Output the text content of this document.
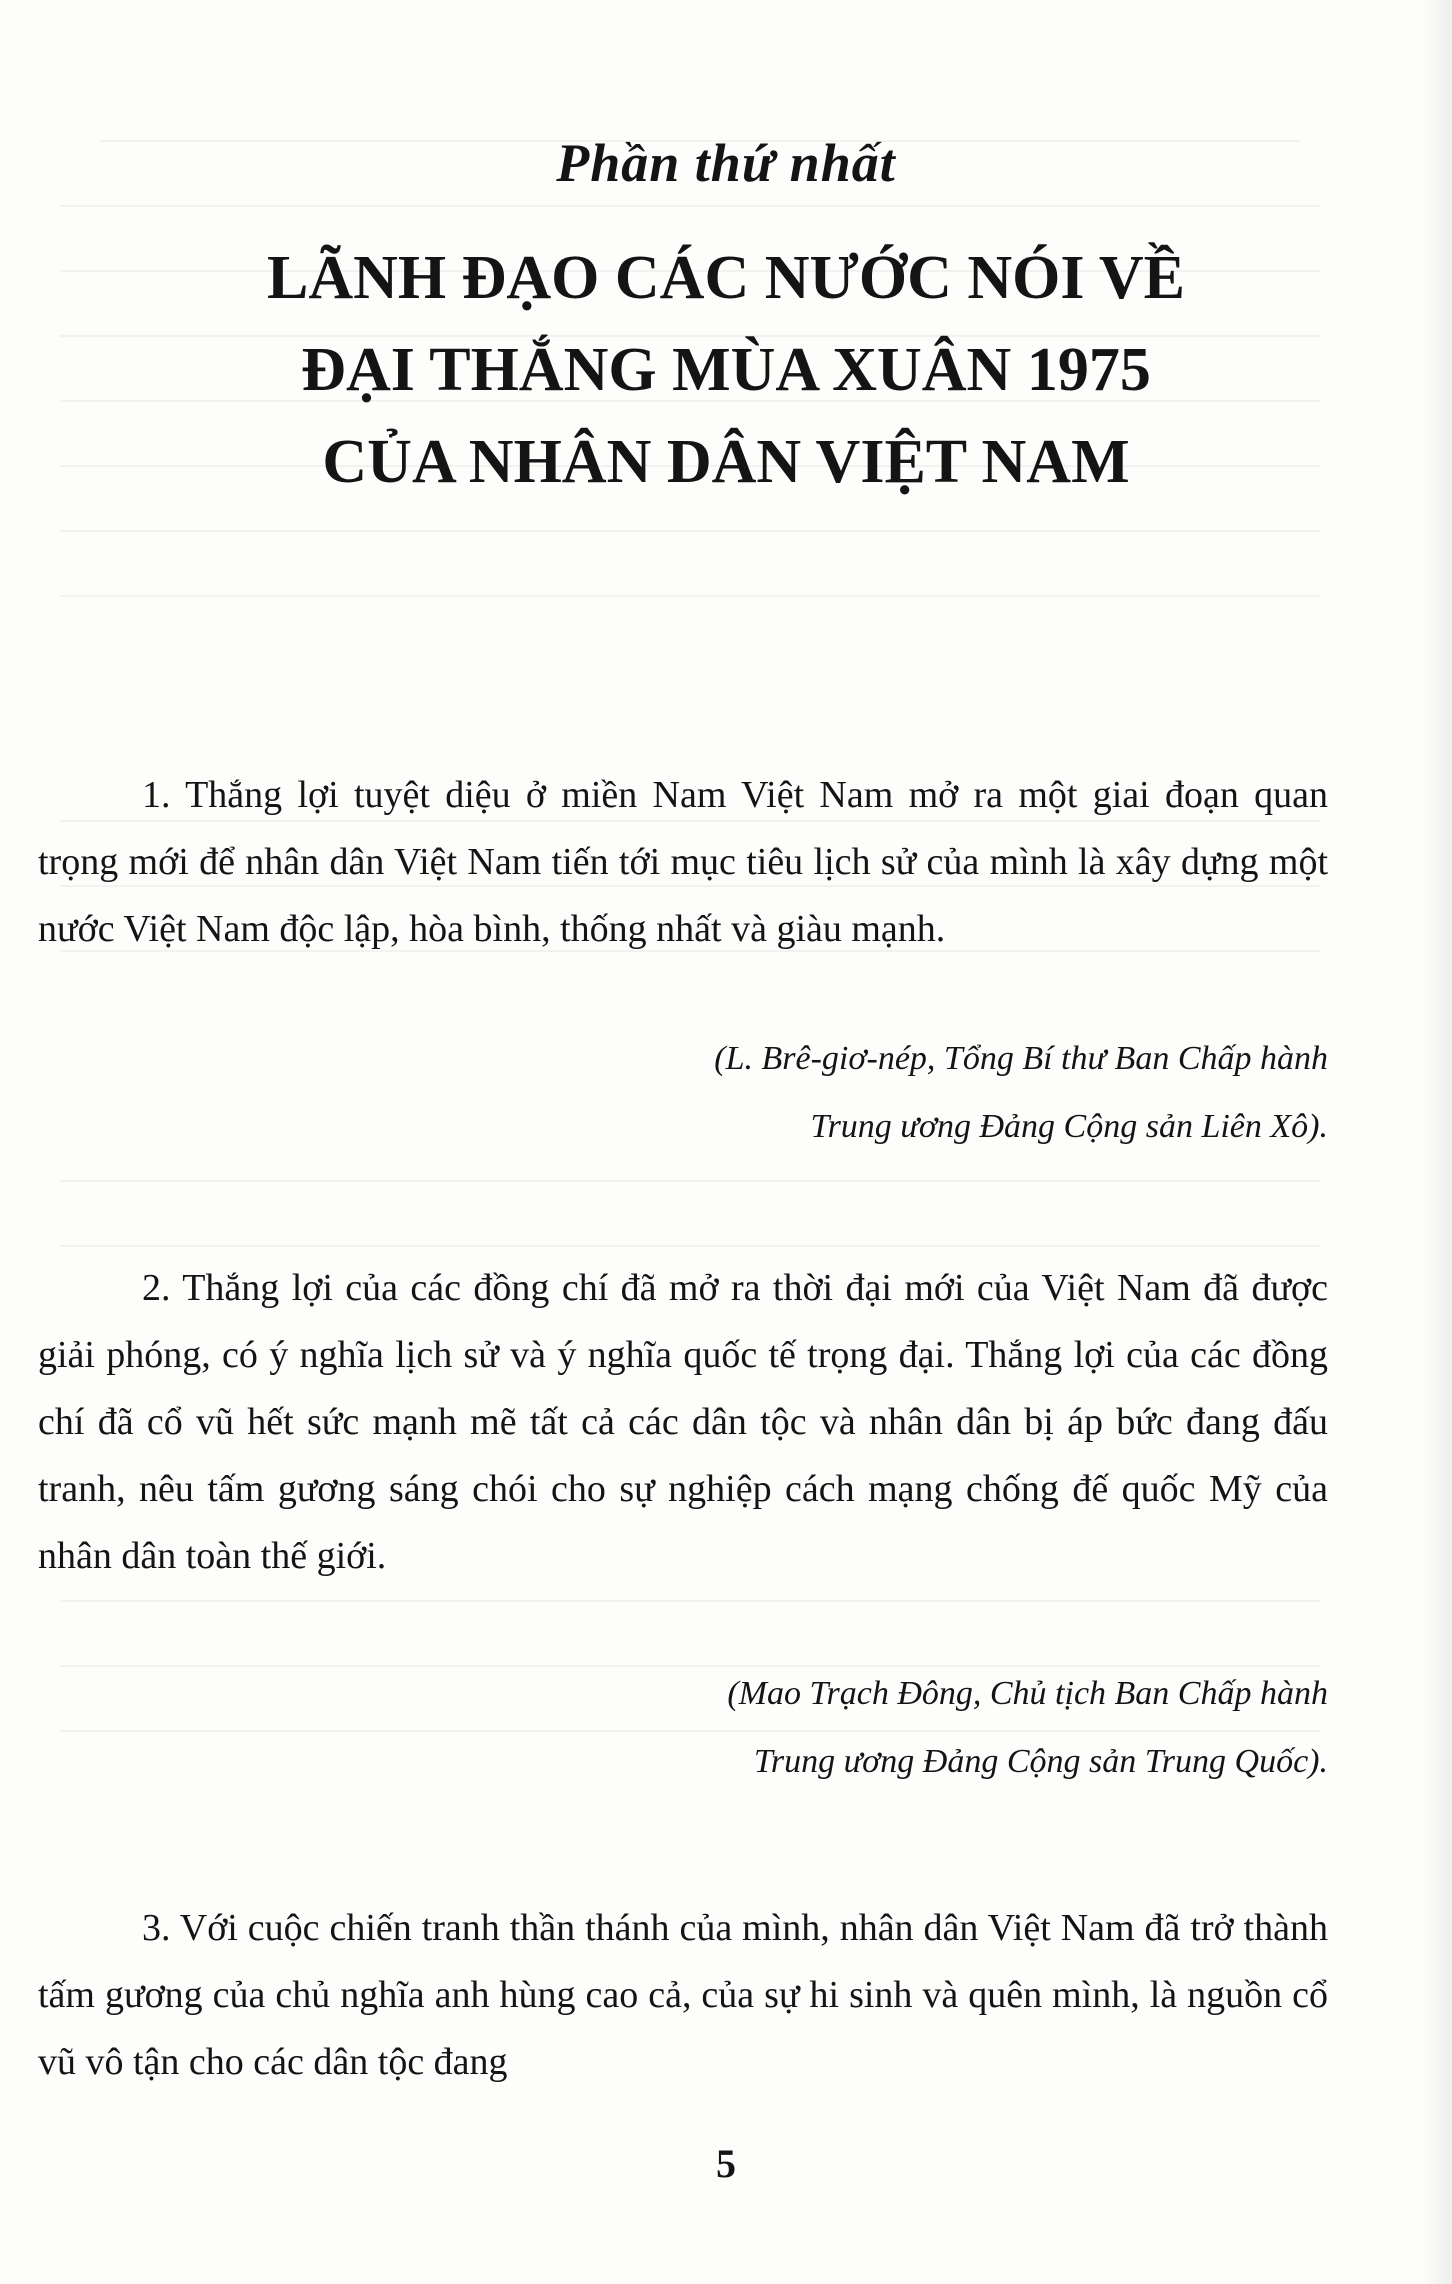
Phần thứ nhất
LÃNH ĐẠO CÁC NƯỚC NÓI VỀ
ĐẠI THẮNG MÙA XUÂN 1975
CỦA NHÂN DÂN VIỆT NAM

1. Thắng lợi tuyệt diệu ở miền Nam Việt Nam mở ra một giai đoạn quan trọng mới để nhân dân Việt Nam tiến tới mục tiêu lịch sử của mình là xây dựng một nước Việt Nam độc lập, hòa bình, thống nhất và giàu mạnh.

(L. Brê-giơ-nép, Tổng Bí thư Ban Chấp hành
Trung ương Đảng Cộng sản Liên Xô).

2. Thắng lợi của các đồng chí đã mở ra thời đại mới của Việt Nam đã được giải phóng, có ý nghĩa lịch sử và ý nghĩa quốc tế trọng đại. Thắng lợi của các đồng chí đã cổ vũ hết sức mạnh mẽ tất cả các dân tộc và nhân dân bị áp bức đang đấu tranh, nêu tấm gương sáng chói cho sự nghiệp cách mạng chống đế quốc Mỹ của nhân dân toàn thế giới.

(Mao Trạch Đông, Chủ tịch Ban Chấp hành
Trung ương Đảng Cộng sản Trung Quốc).

3. Với cuộc chiến tranh thần thánh của mình, nhân dân Việt Nam đã trở thành tấm gương của chủ nghĩa anh hùng cao cả, của sự hi sinh và quên mình, là nguồn cổ vũ vô tận cho các dân tộc đang

5
